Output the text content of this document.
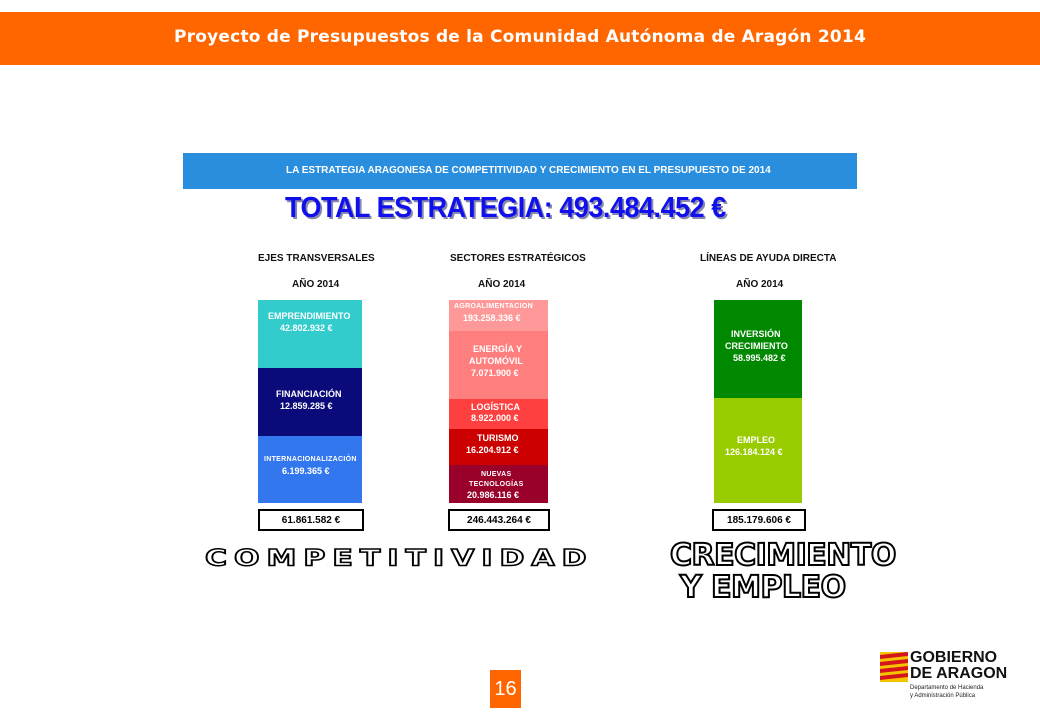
Proyecto de Presupuestos de la Comunidad Autónoma de Aragón 2014
LA ESTRATEGIA ARAGONESA DE COMPETITIVIDAD Y CRECIMIENTO EN EL PRESUPUESTO DE 2014
TOTAL ESTRATEGIA: 493.484.452 €
EJES TRANSVERSALES
AÑO 2014
EMPRENDIMIENTO
42.802.932 €
FINANCIACIÓN
12.859.285 €
INTERNACIONALIZACIÓN
6.199.365 €
61.861.582 €
SECTORES ESTRATÉGICOS
AÑO 2014
AGROALIMENTACION
193.258.336 €
ENERGÍA Y
AUTOMÓVIL
7.071.900 €
LOGÍSTICA
8.922.000 €
TURISMO
16.204.912 €
NUEVAS
TECNOLOGÍAS
20.986.116 €
246.443.264 €
LÍNEAS DE AYUDA DIRECTA
AÑO 2014
INVERSIÓN
CRECIMIENTO
58.995.482 €
EMPLEO
126.184.124 €
185.179.606 €
COMPETITIVIDAD	CRECIMIENTO
Y EMPLEO
16
GOBIERNO
DE ARAGON
Departamento de Hacienda
y Administración Pública
